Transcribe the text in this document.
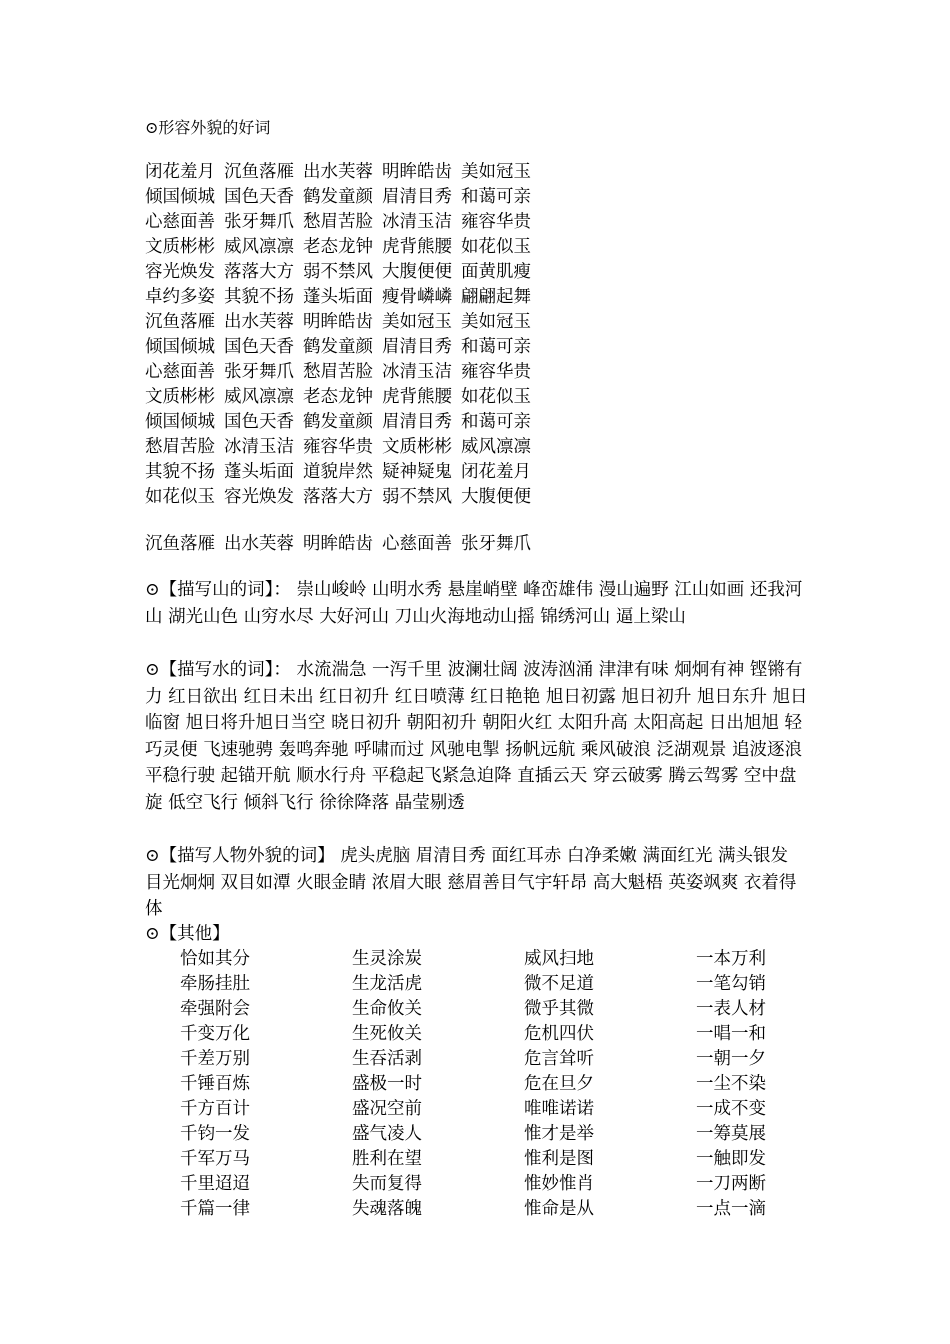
⊙形容外貌的好词
闭花羞月 沉鱼落雁 出水芙蓉 明眸皓齿 美如冠玉
倾国倾城 国色天香 鹤发童颜 眉清目秀 和蔼可亲
心慈面善 张牙舞爪 愁眉苦脸 冰清玉洁 雍容华贵
文质彬彬 威风凛凛 老态龙钟 虎背熊腰 如花似玉
容光焕发 落落大方 弱不禁风 大腹便便 面黄肌瘦
卓约多姿 其貌不扬 蓬头垢面 瘦骨嶙嶙 翩翩起舞
沉鱼落雁 出水芙蓉 明眸皓齿 美如冠玉 美如冠玉
倾国倾城 国色天香 鹤发童颜 眉清目秀 和蔼可亲
心慈面善 张牙舞爪 愁眉苦脸 冰清玉洁 雍容华贵
文质彬彬 威风凛凛 老态龙钟 虎背熊腰 如花似玉
倾国倾城 国色天香 鹤发童颜 眉清目秀 和蔼可亲
愁眉苦脸 冰清玉洁 雍容华贵 文质彬彬 威风凛凛
其貌不扬 蓬头垢面 道貌岸然 疑神疑鬼 闭花羞月
如花似玉 容光焕发 落落大方 弱不禁风 大腹便便
沉鱼落雁 出水芙蓉 明眸皓齿 心慈面善 张牙舞爪
⊙【描写山的词】： 崇山峻岭 山明水秀 悬崖峭壁 峰峦雄伟 漫山遍野 江山如画 还我河山 湖光山色 山穷水尽 大好河山 刀山火海地动山摇 锦绣河山 逼上梁山
⊙【描写水的词】： 水流湍急 一泻千里 波澜壮阔 波涛汹涌 津津有味 炯炯有神 铿锵有力 红日欲出 红日未出 红日初升 红日喷薄 红日艳艳 旭日初露 旭日初升 旭日东升 旭日临窗 旭日将升旭日当空 晓日初升 朝阳初升 朝阳火红 太阳升高 太阳高起 日出旭旭 轻巧灵便 飞速驰骋 轰鸣奔驰 呼啸而过 风驰电掣 扬帆远航 乘风破浪 泛湖观景 追波逐浪 平稳行驶 起锚开航 顺水行舟 平稳起飞紧急迫降 直插云天 穿云破雾 腾云驾雾 空中盘旋 低空飞行 倾斜飞行 徐徐降落 晶莹剔透
⊙【描写人物外貌的词】 虎头虎脑 眉清目秀 面红耳赤 白净柔嫩 满面红光 满头银发 目光炯炯 双目如潭 火眼金睛 浓眉大眼 慈眉善目气宇轩昂 高大魁梧 英姿飒爽 衣着得体
⊙【其他】
恰如其分	生灵涂炭	威风扫地	一本万利
牵肠挂肚	生龙活虎	微不足道	一笔勾销
牵强附会	生命攸关	微乎其微	一表人材
千变万化	生死攸关	危机四伏	一唱一和
千差万别	生吞活剥	危言耸听	一朝一夕
千锤百炼	盛极一时	危在旦夕	一尘不染
千方百计	盛况空前	唯唯诺诺	一成不变
千钧一发	盛气凌人	惟才是举	一筹莫展
千军万马	胜利在望	惟利是图	一触即发
千里迢迢	失而复得	惟妙惟肖	一刀两断
千篇一律	失魂落魄	惟命是从	一点一滴
